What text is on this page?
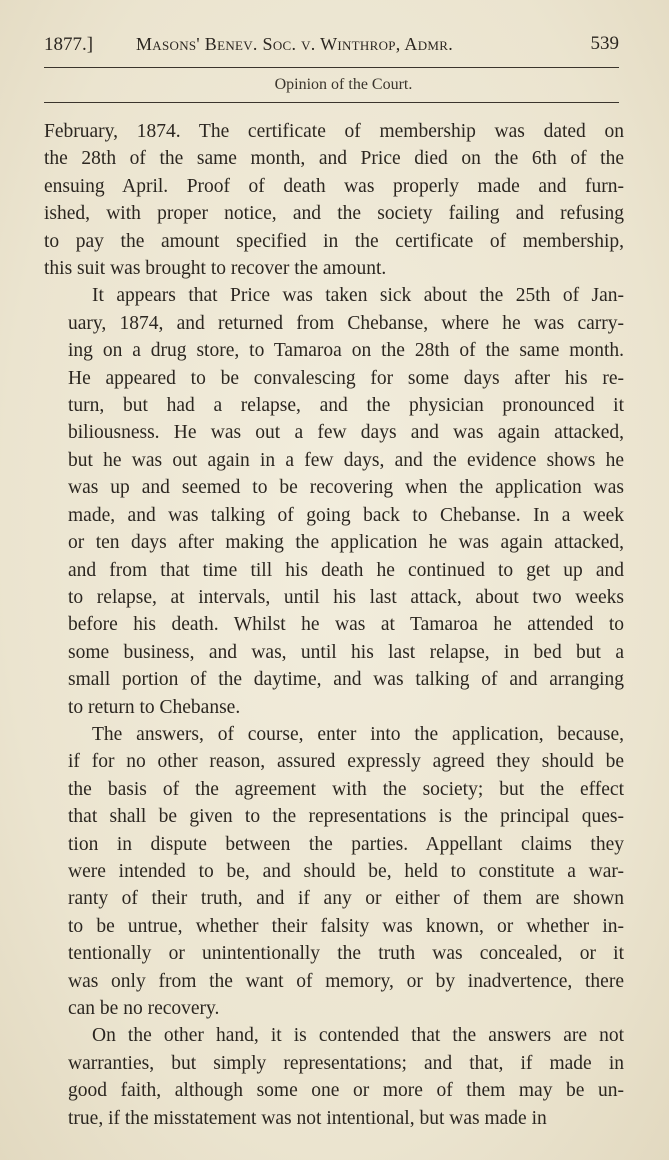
1877.] Masons' Benev. Soc. v. Winthrop, Admr.	539
Opinion of the Court.

February, 1874. The certificate of membership was dated on
the 28th of the same month, and Price died on the 6th of the
ensuing April. Proof of death was properly made and furn-
ished, with proper notice, and the society failing and refusing
to pay the amount specified in the certificate of membership,
this suit was brought to recover the amount.

It appears that Price was taken sick about the 25th of Jan-
uary, 1874, and returned from Chebanse, where he was carry-
ing on a drug store, to Tamaroa on the 28th of the same month.
He appeared to be convalescing for some days after his re-
turn, but had a relapse, and the physician pronounced it
biliousness. He was out a few days and was again attacked,
but he was out again in a few days, and the evidence shows he
was up and seemed to be recovering when the application was
made, and was talking of going back to Chebanse. In a week
or ten days after making the application he was again attacked,
and from that time till his death he continued to get up and
to relapse, at intervals, until his last attack, about two weeks
before his death. Whilst he was at Tamaroa he attended to
some business, and was, until his last relapse, in bed but a
small portion of the daytime, and was talking of and arranging
to return to Chebanse.

The answers, of course, enter into the application, because,
if for no other reason, assured expressly agreed they should be
the basis of the agreement with the society; but the effect
that shall be given to the representations is the principal ques-
tion in dispute between the parties. Appellant claims they
were intended to be, and should be, held to constitute a war-
ranty of their truth, and if any or either of them are shown
to be untrue, whether their falsity was known, or whether in-
tentionally or unintentionally the truth was concealed, or it
was only from the want of memory, or by inadvertence, there
can be no recovery.

On the other hand, it is contended that the answers are not
warranties, but simply representations; and that, if made in
good faith, although some one or more of them may be un-
true, if the misstatement was not intentional, but was made in
